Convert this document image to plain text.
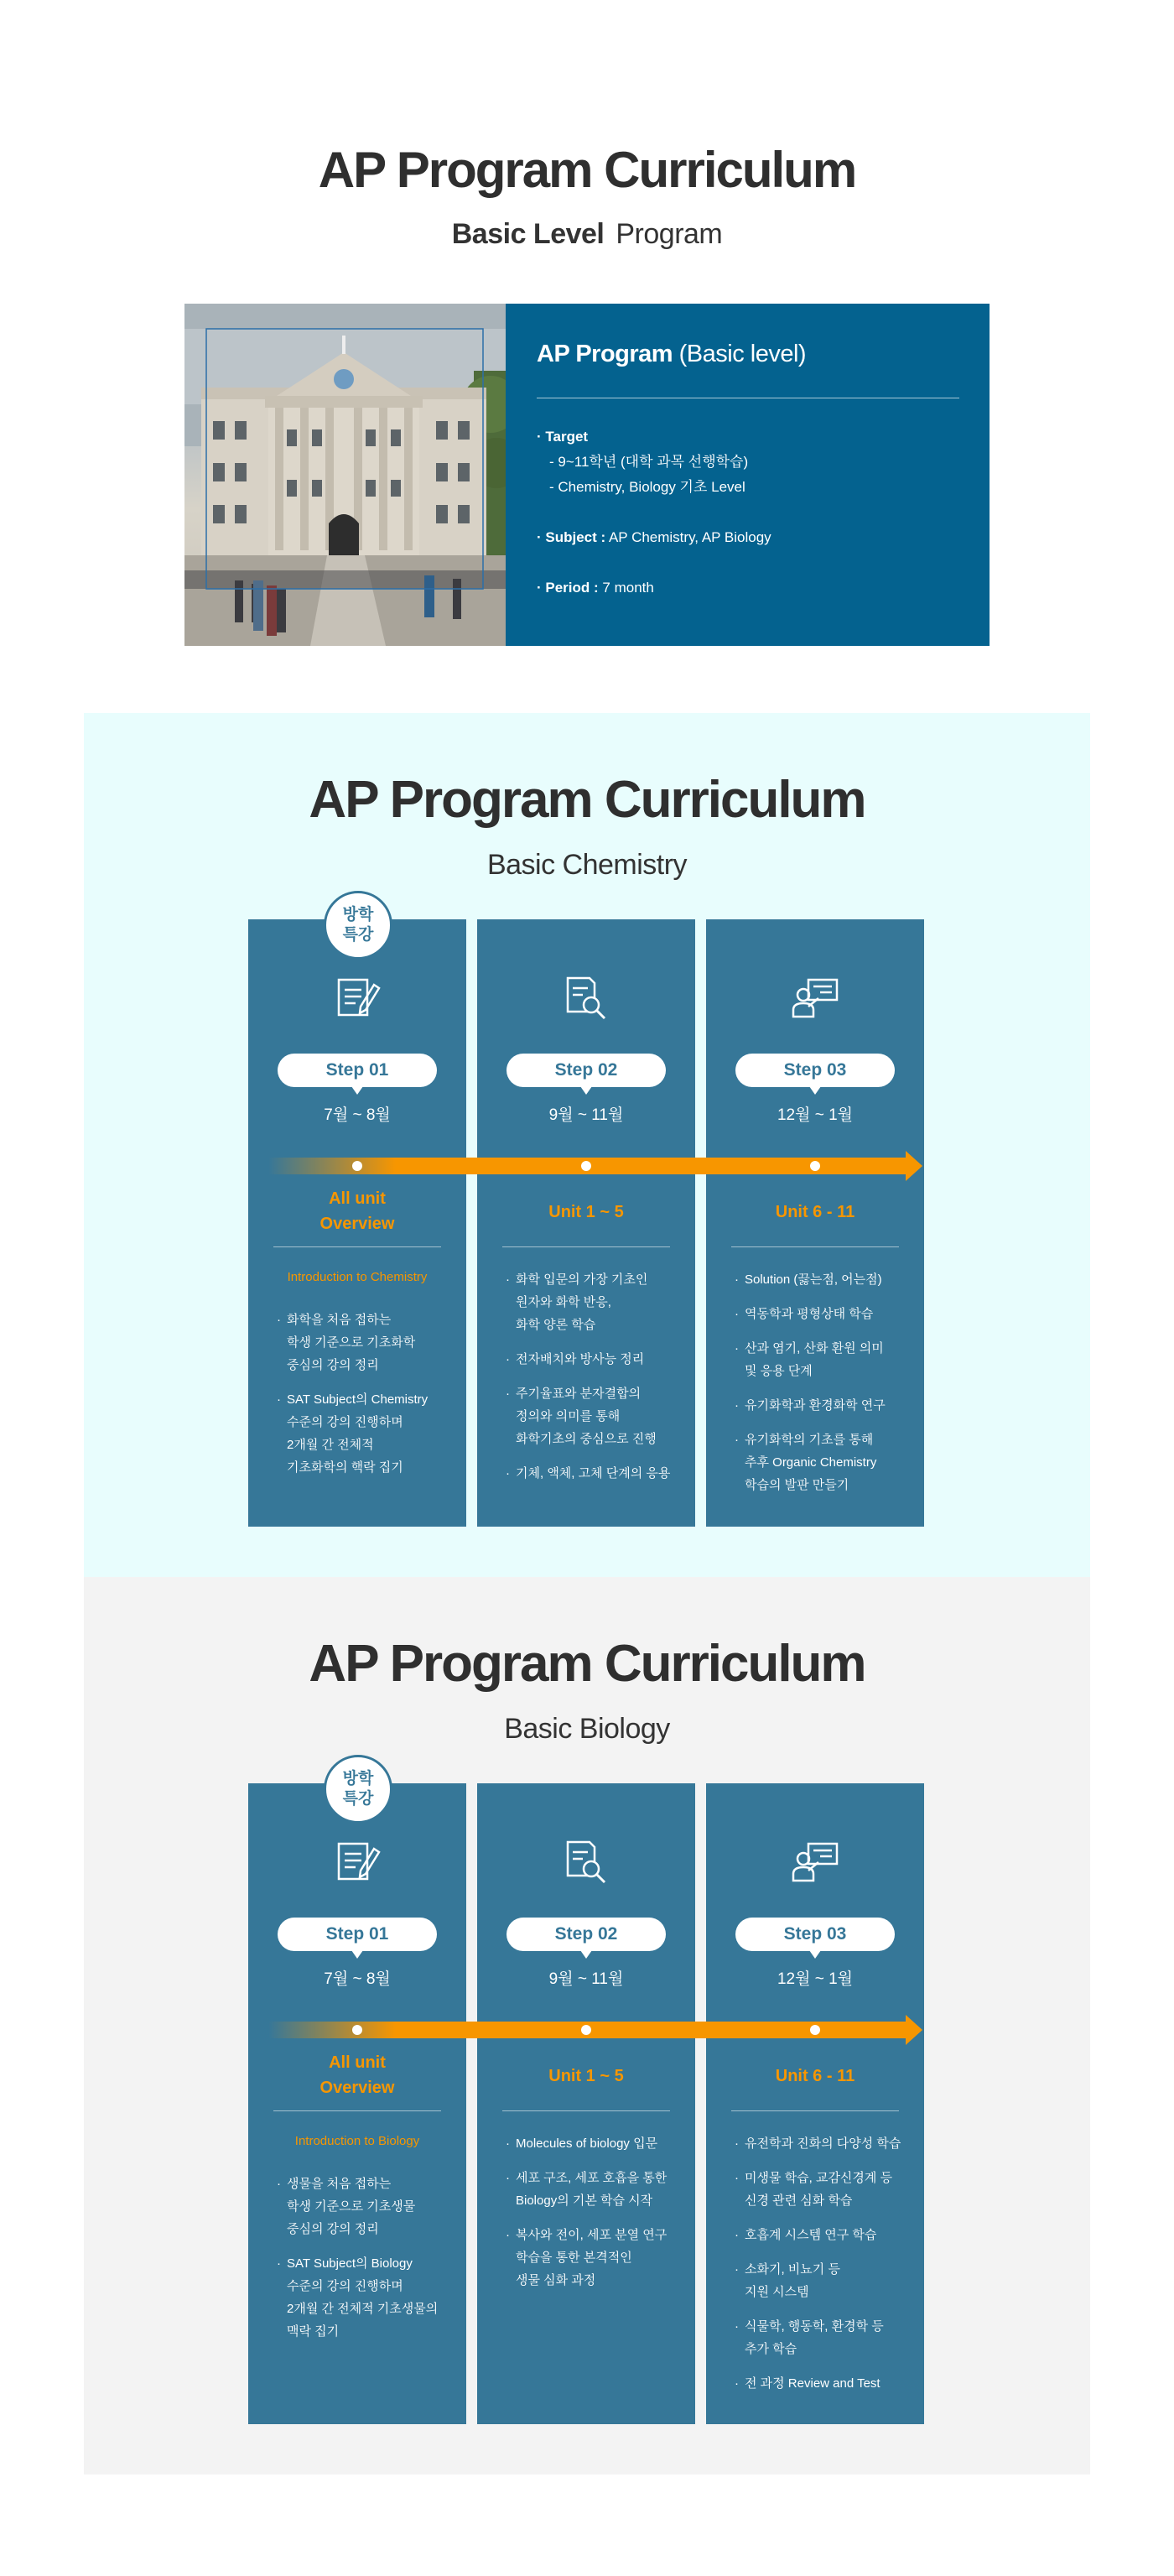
AP Program Curriculum
Basic Level Program
AP Program (Basic level)
· Target
- 9~11학년 (대학 과목 선행학습)
- Chemistry, Biology 기초 Level
· Subject : AP Chemistry, AP Biology
· Period : 7 month
AP Program Curriculum
Basic Chemistry
Step 01
7월 ~ 8월
All unit
Overview
Introduction to Chemistry
· 화학을 처음 접하는
학생 기준으로 기초화학
중심의 강의 정리
· SAT Subject의 Chemistry
수준의 강의 진행하며
2개월 간 전체적
기초화학의 핵락 집기
Step 02
9월 ~ 11월
Unit 1 ~ 5
· 화학 입문의 가장 기초인
원자와 화학 반응,
화학 양론 학습
· 전자배치와 방사능 정리
· 주기율표와 분자결합의
정의와 의미를 통해
화학기초의 중심으로 진행
· 기체, 액체, 고체 단계의 응용
Step 03
12월 ~ 1월
Unit 6 - 11
· Solution (끓는점, 어는점)
· 역동학과 평형상태 학습
· 산과 염기, 산화 환원 의미
및 응용 단계
· 유기화학과 환경화학 연구
· 유기화학의 기초를 통해
추후 Organic Chemistry
학습의 발판 만들기
방학
특강
AP Program Curriculum
Basic Biology
Step 01
7월 ~ 8월
All unit
Overview
Introduction to Biology
· 생물을 처음 접하는
학생 기준으로 기초생물
중심의 강의 정리
· SAT Subject의 Biology
수준의 강의 진행하며
2개월 간 전체적 기초생물의
맥락 집기
Step 02
9월 ~ 11월
Unit 1 ~ 5
· Molecules of biology 입문
· 세포 구조, 세포 호흡을 통한
Biology의 기본 학습 시작
· 복사와 전이, 세포 분열 연구
학습을 통한 본격적인
생물 심화 과정
Step 03
12월 ~ 1월
Unit 6 - 11
· 유전학과 진화의 다양성 학습
· 미생물 학습, 교감신경계 등
신경 관련 심화 학습
· 호흡계 시스템 연구 학습
· 소화기, 비뇨기 등
지원 시스템
· 식물학, 행동학, 환경학 등
추가 학습
· 전 과정 Review and Test
방학
특강
